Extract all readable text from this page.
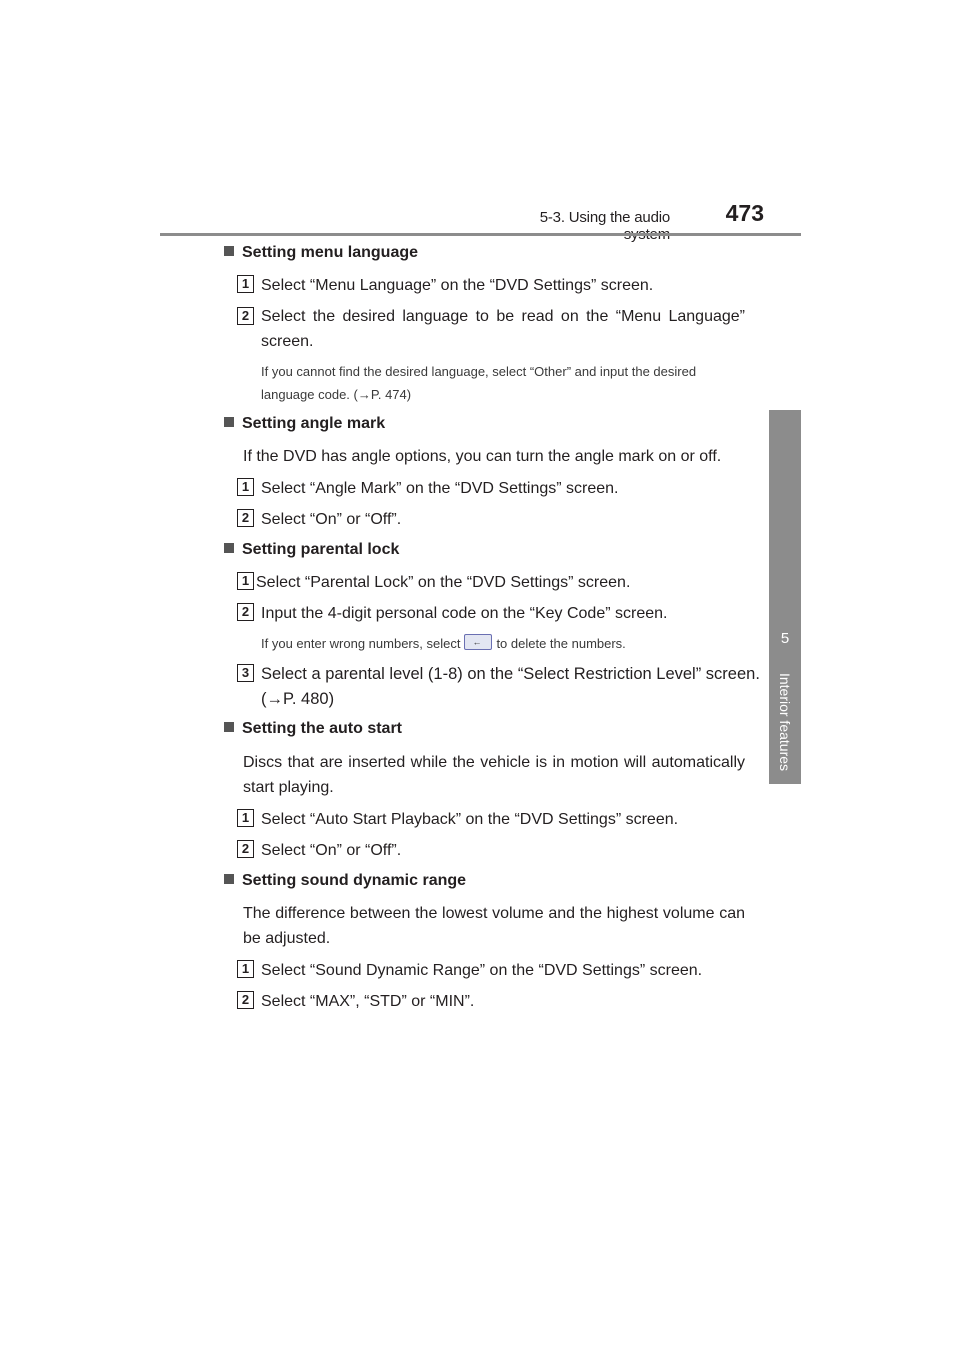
5-3. Using the audio	473
5
Interior features
Setting menu language
1 Select “Menu Language” on the “DVD Settings” screen.
2 Select the desired language to be read on the “Menu Language” screen.
If you cannot find the desired language, select “Other” and input the desired
language code. (→P. 474)
Setting angle mark
If the DVD has angle options, you can turn the angle mark on or off.
1 Select “Angle Mark” on the “DVD Settings” screen.
2 Select “On” or “Off”.
Setting parental lock
1 Select “Parental Lock” on the “DVD Settings” screen.
2 Input the 4-digit personal code on the “Key Code” screen.
If you enter wrong numbers, select ← to delete the numbers.
3 Select a parental level (1-8) on the “Select Restriction Level” screen.
(→P. 480)
Setting the auto start
Discs that are inserted while the vehicle is in motion will automatically start playing.
1 Select “Auto Start Playback” on the “DVD Settings” screen.
2 Select “On” or “Off”.
Setting sound dynamic range
The difference between the lowest volume and the highest volume can be adjusted.
1 Select “Sound Dynamic Range” on the “DVD Settings” screen.
2 Select “MAX”, “STD” or “MIN”.
